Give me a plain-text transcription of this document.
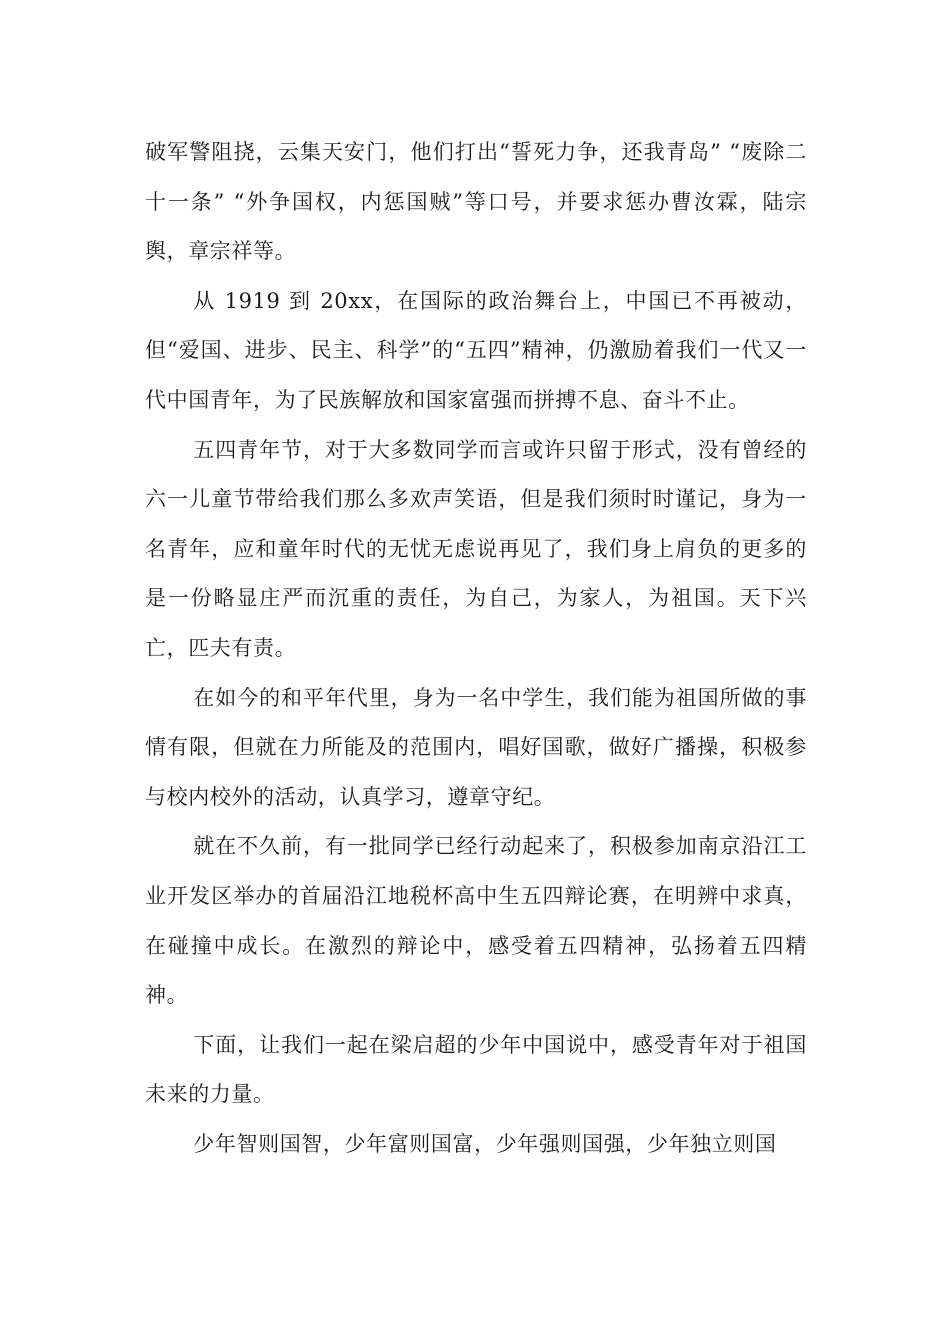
破军警阻挠，云集天安门，他们打出“誓死力争，还我青岛” “废除二十一条” “外争国权，内惩国贼”等口号，并要求惩办曹汝霖，陆宗舆，章宗祥等。

从 1919 到 20xx，在国际的政治舞台上，中国已不再被动，但“爱国、进步、民主、科学”的“五四”精神，仍激励着我们一代又一代中国青年，为了民族解放和国家富强而拼搏不息、奋斗不止。

五四青年节，对于大多数同学而言或许只留于形式，没有曾经的六一儿童节带给我们那么多欢声笑语，但是我们须时时谨记，身为一名青年，应和童年时代的无忧无虑说再见了，我们身上肩负的更多的是一份略显庄严而沉重的责任，为自己，为家人，为祖国。天下兴亡，匹夫有责。

在如今的和平年代里，身为一名中学生，我们能为祖国所做的事情有限，但就在力所能及的范围内，唱好国歌，做好广播操，积极参与校内校外的活动，认真学习，遵章守纪。

就在不久前，有一批同学已经行动起来了，积极参加南京沿江工业开发区举办的首届沿江地税杯高中生五四辩论赛，在明辨中求真，在碰撞中成长。在激烈的辩论中，感受着五四精神，弘扬着五四精神。

下面，让我们一起在梁启超的少年中国说中，感受青年对于祖国未来的力量。

少年智则国智，少年富则国富，少年强则国强，少年独立则国
